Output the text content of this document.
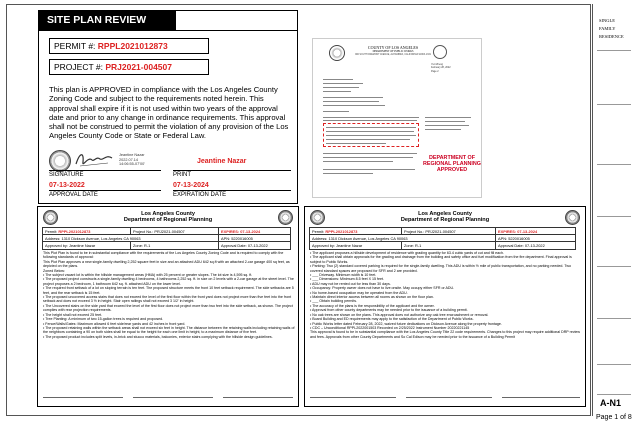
SINGLE
FAMILY
RESIDENCE
A-N1
Page 1 of 8
SITE PLAN REVIEW
PERMIT #: RPPL2021012873
PROJECT #: PRJ2021-004507
This plan is APPROVED in compliance with the Los Angeles County Zoning Code and subject to the requirements noted herein. This approval shall expire if it is not used within two years of the approval date and prior to any change in ordinance requirements. This approval shall not be construed to permit the violation of any provision of the Los Angeles County Code or State or Federal Law.
Jeantine Nazar
2022.07.14
14:06:55-07'00'	Jeantine Nazar
SIGNATURE	PRINT
07-13-2022	07-13-2024
APPROVAL DATE	EXPIRATION DATE
COUNTY OF LOS ANGELES
DEPARTMENT OF PUBLIC WORKS
900 SOUTH FREMONT AVENUE, ALHAMBRA, CALIFORNIA 91803-1331
Yuci Zheng
February 28, 2022
Page 2
DEPARTMENT OF REGIONAL PLANNING APPROVED
Los Angeles County
Department of Regional Planning
Permit: RPPL2021012873	Project No.: PRJ2021-004507	EXPIRES: 07-13-2024
Address: 1310 Dickson Avenue, Los Angeles CA 90063		APN: 5220016005
Approved by: Jeantine Nazar	Zone: R-1	Approval Date: 07-13-2022

This Plot Plan is found to be in substantial compliance with the requirements of the Los Angeles County Zoning Code and is required to comply with the following standards of approval:

This Plot Plan approves a new single-family dwelling 2,252 square feet in size and an attached ADU 642 sq.ft with an attached 2-car garage 400 sq feet, as depicted on the plans.

Zoned Below:

• The subject vacant lot is within the hillside management areas (HMA) with 25 percent or greater slopes. The lot size is 4,595 sq. ft.

• The proposed project constructs a single-family dwelling 4 bedrooms, 4 bathrooms 2,252 sq. ft. in size on 2 levels with a 2-car garage at the street level. The project proposes a 2 bedroom, 1 bathroom 642 sq. ft. attached ADU on the lower level.

• The required front setback of a lot on sloping terrain is ten feet. The proposed structure meets the front 10 feet setback requirement. The side setbacks are 5 feet, and the rear setback is 15 feet.

• The proposed uncovered access stairs that does not exceed the level of the first floor within the front yard does not project more than five feet into the front setback and does not exceed 3 ½ in height. Stair open railings shall not exceed 3 1/2' in height.

• The Uncovered stairs on the side yard that exceed the level of the first floor does not project more than two feet into the side setback, as shown. The project complies with rear projection requirements.

• The height shall not exceed 25 feet.

• Tree Planting: A minimum of two 15-gallon trees is required and proposed.

• Fence/Walls/Gates: Maximum allowed 6 feet side/rear yards and 42 inches in front yard.

• The proposed retaining walls within the setback areas shall not exceed six feet in height. The distance between the retaining walls including retaining walls of the neighbors containing a 90 on both sides shall be equal to the height for each one limit in height, to a maximum distance of five feet.

• The proposed product includes split levels, in-brick and stucco materials, balconies, exterior stairs complying with the hillside design guidelines.

Los Angeles County
Department of Regional Planning
Permit: RPPL2021012873	Project No.: PRJ2021-004507	EXPIRES: 07-13-2024
Address: 1310 Dickson Avenue, Los Angeles CA 90063		APN: 5220016005
Approved by: Jeantine Nazar	Zone: R-1	Approval Date: 07-13-2022

• The applicant proposes a hillside development of residence with grading quantity for 63.4 cubic yards of cut and fill each.

• The applicant shall obtain approvals for the grading and drainage from the building and safety office and fuel modification from the fire department. Final approval is subject to Public Works.

• Parking: Two (2) standard covered parking is required for the single-family dwelling. This ADU is within ½ mile of public transportation, and no parking needed. Two covered standard spaces are proposed for SFR and 2 are provided.

• ___ Driveway. Minimum width is 10 feet.

• ___ Dimensions: Minimum 8.5 feet X 15 feet.

• ADU may not be rented out for less than 30 days.

• Occupancy: Property owner does not have to live onsite. May occupy either SFR or ADU.

• No home-based occupation may be operated from the ADU.

• Maintain direct interior access between all rooms as shown on the floor plan.

• ___ Obtain building permits.

• The accuracy of the plans is the responsibility of the applicant and the owner.

• Approval from other county departments may be needed prior to the issuance of a building permit.

• No oak trees are shown on the plans. This approval does not authorize any oak tree encroachment or removal.

• Board Building and ED requirements may apply to the satisfaction of the Department of Public Works.

• Public Works letter dated February 28, 2022, waived future dedications on Dickson Avenue along the property frontage.

• CDC – Unconditional RPPL2022001503 Recorded on 2/25/2022 Instrument Number 20220221145

This approval is found to be in substantial compliance with the Los Angeles County Title 22 code requirements. Changes to this project may require additional DRP review and fees. Approvals from other County Departments and So Cal Edison may be needed prior to the issuance of a Building Permit
